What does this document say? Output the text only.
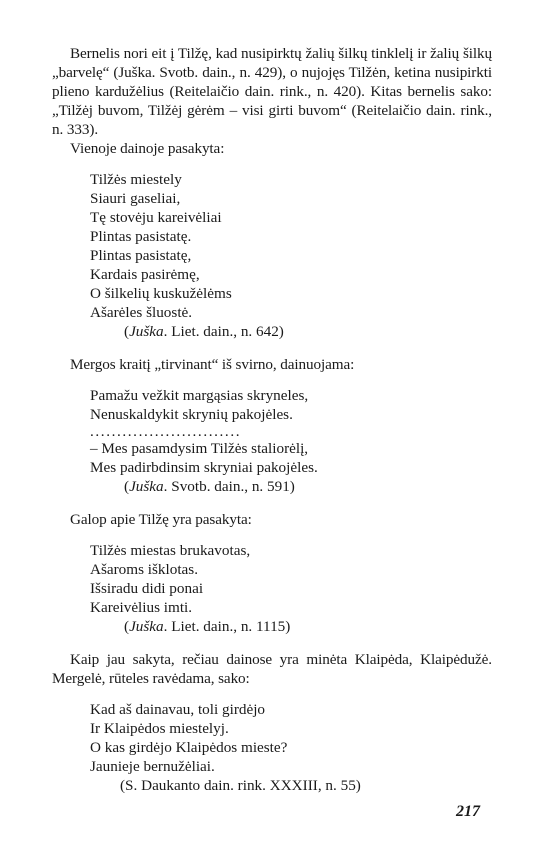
Bernelis nori eit į Tilžę, kad nusipirktų žalių šilkų tinklelį ir žalių šilkų „barvelę“ (Juška. Svotb. dain., n. 429), o nujojęs Tilžėn, ketina nusipirkti plieno kardužėlius (Reitelaičio dain. rink., n. 420). Kitas bernelis sako: „Tilžėj buvom, Tilžėj gėrėm – visi girti buvom“ (Reitelaičio dain. rink., n. 333).

Vienoje dainoje pasakyta:

Tilžės miestely
Siauri gaseliai,
Tę stovėju kareivėliai
Plintas pasistatę.
Plintas pasistatę,
Kardais pasirėmę,
O šilkelių kuskužėlėms
Ašarėles šluostė.
(Juška. Liet. dain., n. 642)

Mergos kraitį „tirvinant“ iš svirno, dainuojama:

Pamažu vežkit margąsias skryneles,
Nenuskaldykit skrynių pakojėles.
............................
– Mes pasamdysim Tilžės staliorėlį,
Mes padirbdinsim skryniai pakojėles.
(Juška. Svotb. dain., n. 591)

Galop apie Tilžę yra pasakyta:

Tilžės miestas brukavotas,
Ašaroms išklotas.
Išsiradu didi ponai
Kareivėlius imti.
(Juška. Liet. dain., n. 1115)

Kaip jau sakyta, rečiau dainose yra minėta Klaipėda, Klaipėdužė. Mergelė, rūteles ravėdama, sako:

Kad aš dainavau, toli girdėjo
Ir Klaipėdos miestelyj.
O kas girdėjo Klaipėdos mieste?
Jaunieje bernužėliai.
(S. Daukanto dain. rink. XXXIII, n. 55)
217
